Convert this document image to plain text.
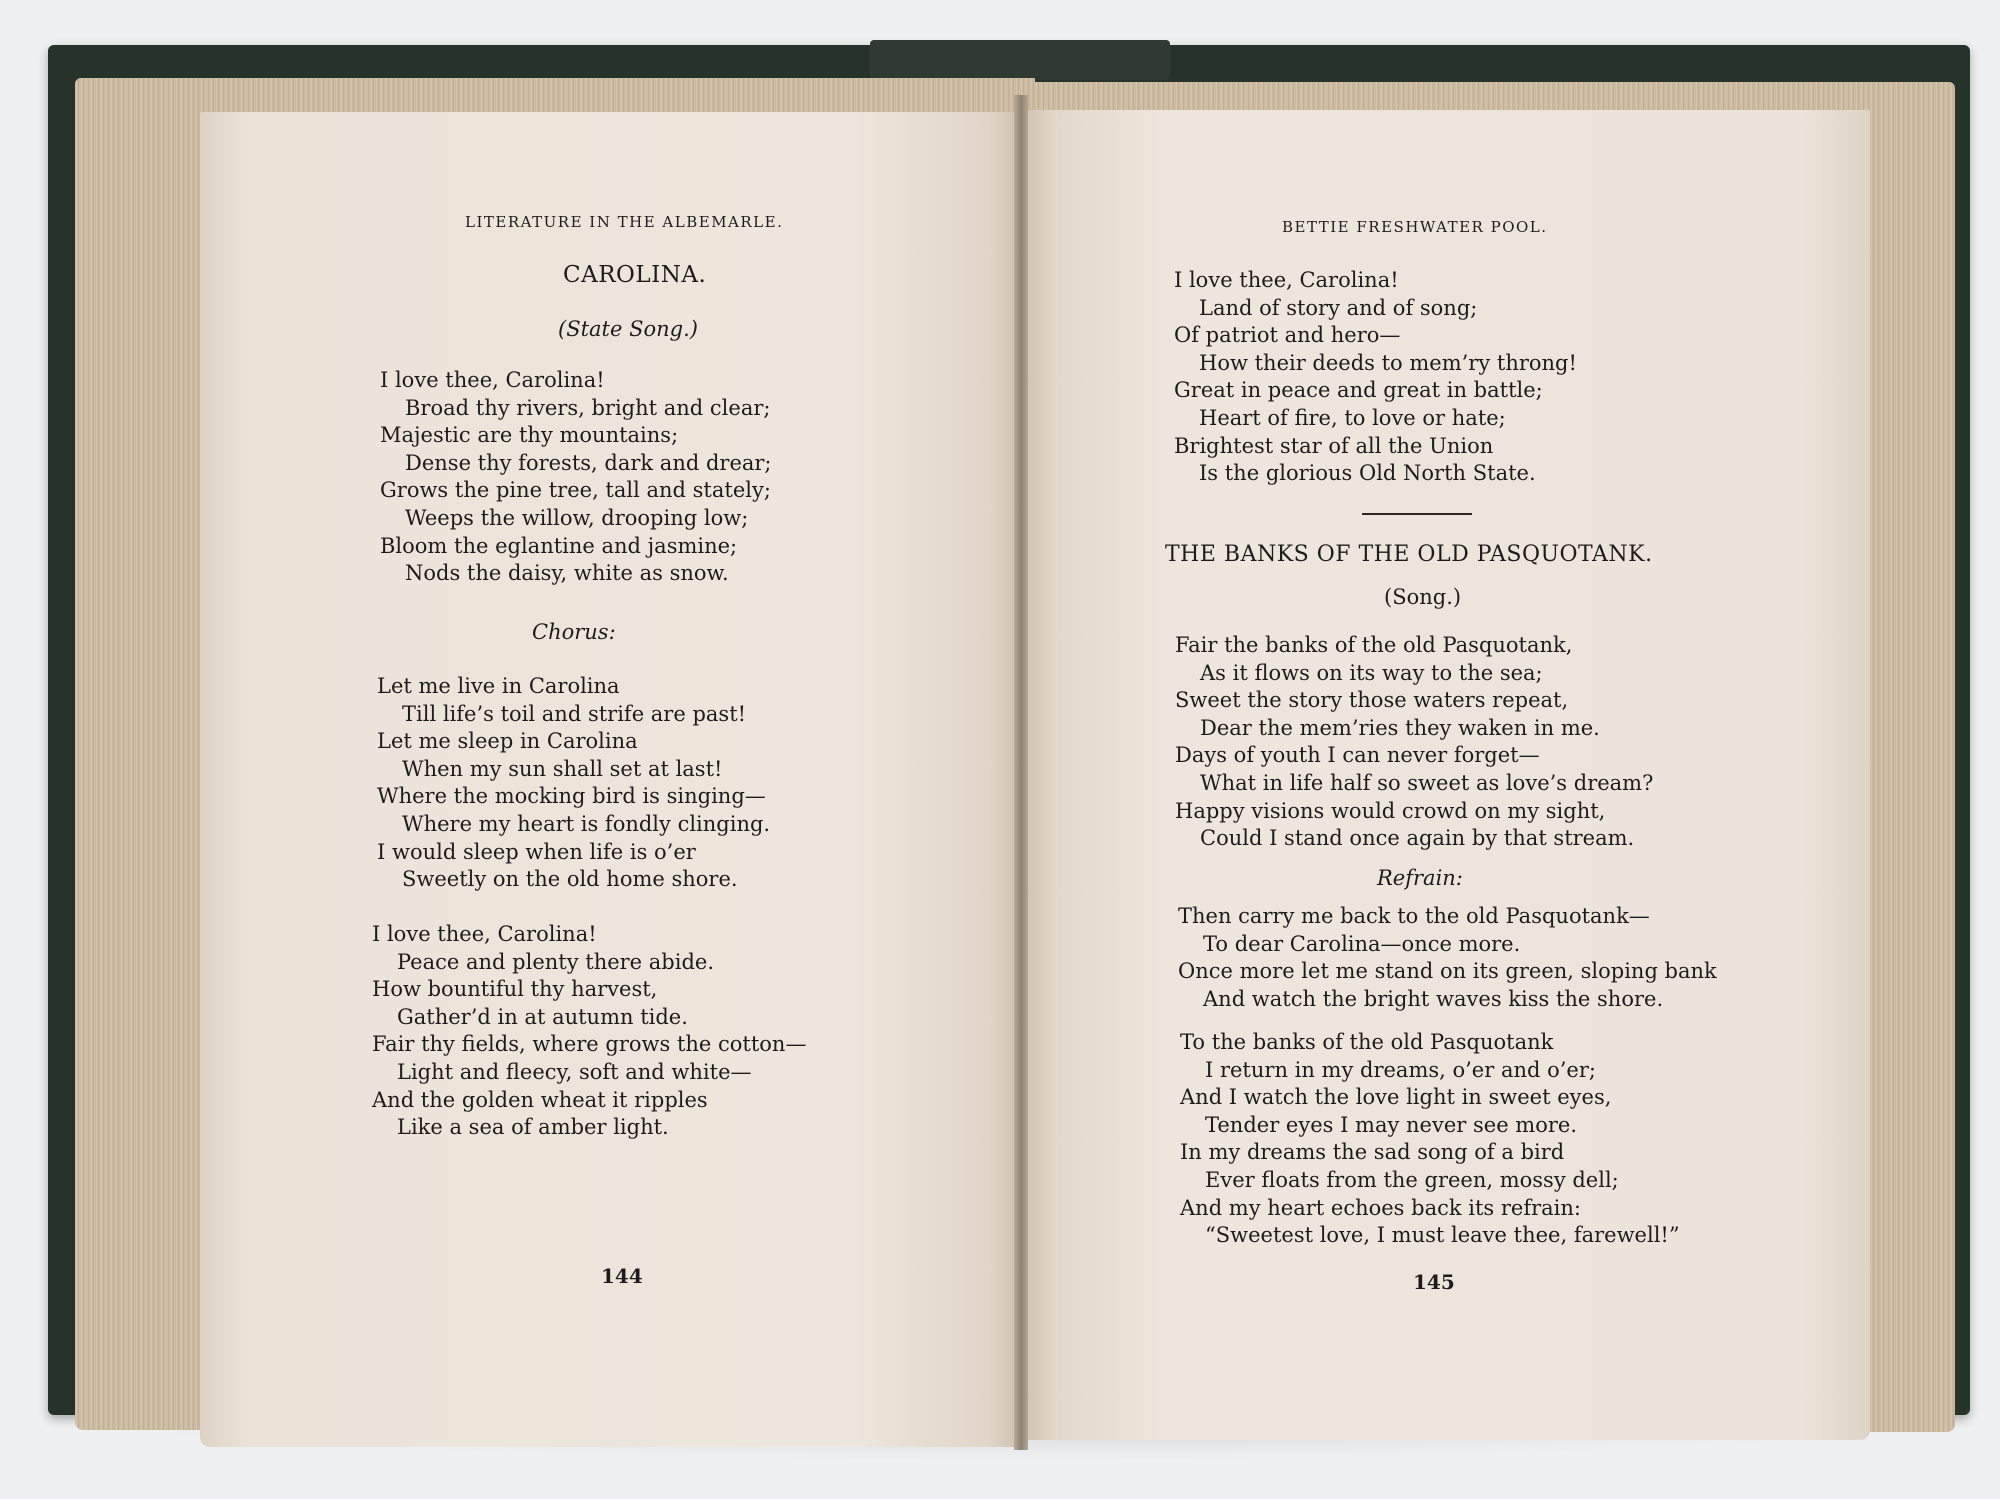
LITERATURE IN THE ALBEMARLE.
CAROLINA.
(State Song.)
I love thee, Carolina!
Broad thy rivers, bright and clear;
Majestic are thy mountains;
Dense thy forests, dark and drear;
Grows the pine tree, tall and stately;
Weeps the willow, drooping low;
Bloom the eglantine and jasmine;
Nods the daisy, white as snow.
Chorus:
Let me live in Carolina
Till life’s toil and strife are past!
Let me sleep in Carolina
When my sun shall set at last!
Where the mocking bird is singing—
Where my heart is fondly clinging.
I would sleep when life is o’er
Sweetly on the old home shore.
I love thee, Carolina!
Peace and plenty there abide.
How bountiful thy harvest,
Gather’d in at autumn tide.
Fair thy fields, where grows the cotton—
Light and fleecy, soft and white—
And the golden wheat it ripples
Like a sea of amber light.
144
BETTIE FRESHWATER POOL.
I love thee, Carolina!
Land of story and of song;
Of patriot and hero—
How their deeds to mem’ry throng!
Great in peace and great in battle;
Heart of fire, to love or hate;
Brightest star of all the Union
Is the glorious Old North State.
THE BANKS OF THE OLD PASQUOTANK.
(Song.)
Fair the banks of the old Pasquotank,
As it flows on its way to the sea;
Sweet the story those waters repeat,
Dear the mem’ries they waken in me.
Days of youth I can never forget—
What in life half so sweet as love’s dream?
Happy visions would crowd on my sight,
Could I stand once again by that stream.
Refrain:
Then carry me back to the old Pasquotank—
To dear Carolina—once more.
Once more let me stand on its green, sloping bank
And watch the bright waves kiss the shore.
To the banks of the old Pasquotank
I return in my dreams, o’er and o’er;
And I watch the love light in sweet eyes,
Tender eyes I may never see more.
In my dreams the sad song of a bird
Ever floats from the green, mossy dell;
And my heart echoes back its refrain:
“Sweetest love, I must leave thee, farewell!”
145
